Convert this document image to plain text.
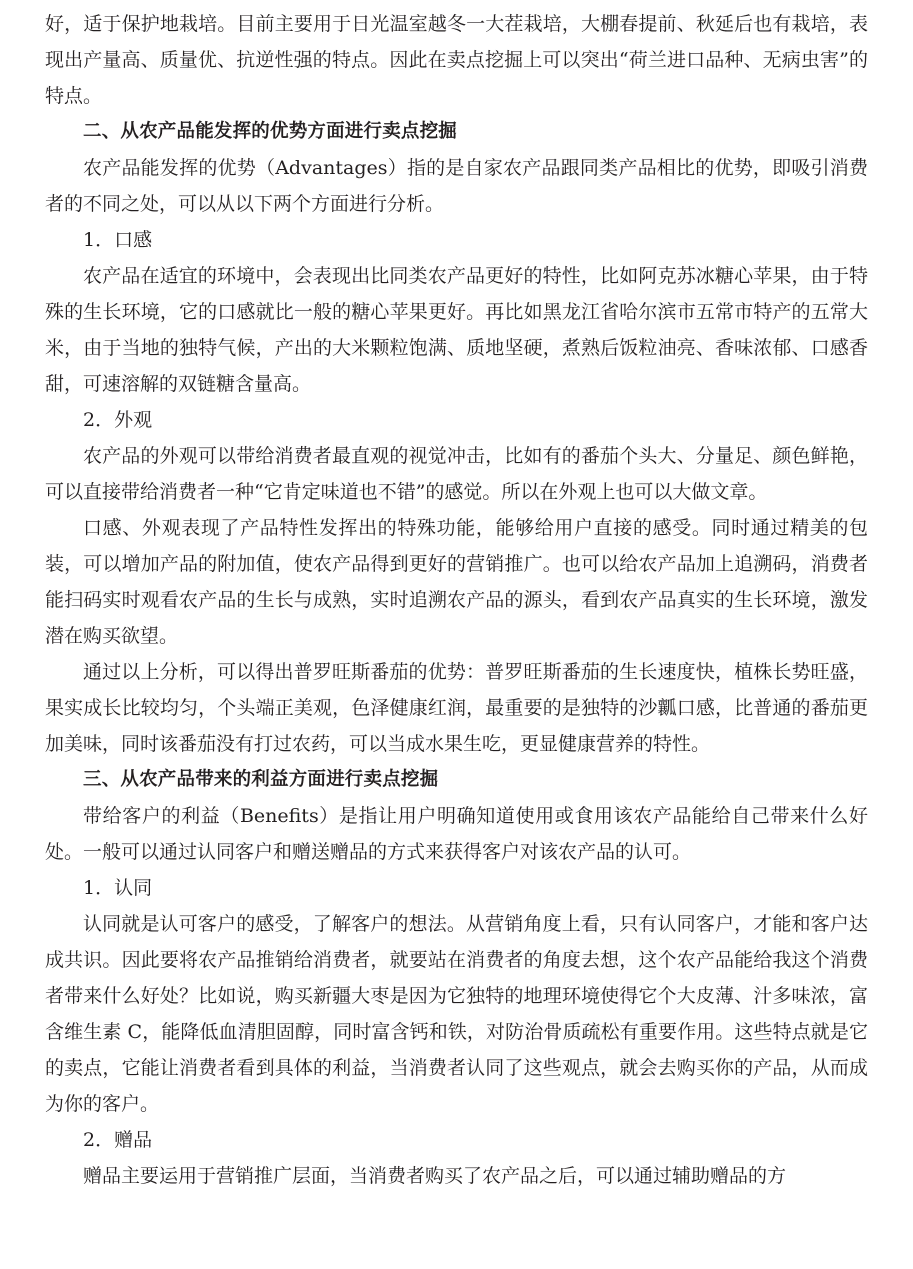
好，适于保护地栽培。目前主要用于日光温室越冬一大茬栽培，大棚春提前、秋延后也有栽培，表现出产量高、质量优、抗逆性强的特点。因此在卖点挖掘上可以突出“荷兰进口品种、无病虫害”的特点。

二、从农产品能发挥的优势方面进行卖点挖掘

农产品能发挥的优势（Advantages）指的是自家农产品跟同类产品相比的优势，即吸引消费者的不同之处，可以从以下两个方面进行分析。

1．口感

农产品在适宜的环境中，会表现出比同类农产品更好的特性，比如阿克苏冰糖心苹果，由于特殊的生长环境，它的口感就比一般的糖心苹果更好。再比如黑龙江省哈尔滨市五常市特产的五常大米，由于当地的独特气候，产出的大米颗粒饱满、质地坚硬，煮熟后饭粒油亮、香味浓郁、口感香甜，可速溶解的双链糖含量高。

2．外观

农产品的外观可以带给消费者最直观的视觉冲击，比如有的番茄个头大、分量足、颜色鲜艳，可以直接带给消费者一种“它肯定味道也不错”的感觉。所以在外观上也可以大做文章。

口感、外观表现了产品特性发挥出的特殊功能，能够给用户直接的感受。同时通过精美的包装，可以增加产品的附加值，使农产品得到更好的营销推广。也可以给农产品加上追溯码，消费者能扫码实时观看农产品的生长与成熟，实时追溯农产品的源头，看到农产品真实的生长环境，激发潜在购买欲望。

通过以上分析，可以得出普罗旺斯番茄的优势：普罗旺斯番茄的生长速度快，植株长势旺盛，果实成长比较均匀，个头端正美观，色泽健康红润，最重要的是独特的沙瓤口感，比普通的番茄更加美味，同时该番茄没有打过农药，可以当成水果生吃，更显健康营养的特性。

三、从农产品带来的利益方面进行卖点挖掘

带给客户的利益（Benefits）是指让用户明确知道使用或食用该农产品能给自己带来什么好处。一般可以通过认同客户和赠送赠品的方式来获得客户对该农产品的认可。

1．认同

认同就是认可客户的感受，了解客户的想法。从营销角度上看，只有认同客户，才能和客户达成共识。因此要将农产品推销给消费者，就要站在消费者的角度去想，这个农产品能给我这个消费者带来什么好处？比如说，购买新疆大枣是因为它独特的地理环境使得它个大皮薄、汁多味浓，富含维生素 C，能降低血清胆固醇，同时富含钙和铁，对防治骨质疏松有重要作用。这些特点就是它的卖点，它能让消费者看到具体的利益，当消费者认同了这些观点，就会去购买你的产品，从而成为你的客户。

2．赠品

赠品主要运用于营销推广层面，当消费者购买了农产品之后，可以通过辅助赠品的方
